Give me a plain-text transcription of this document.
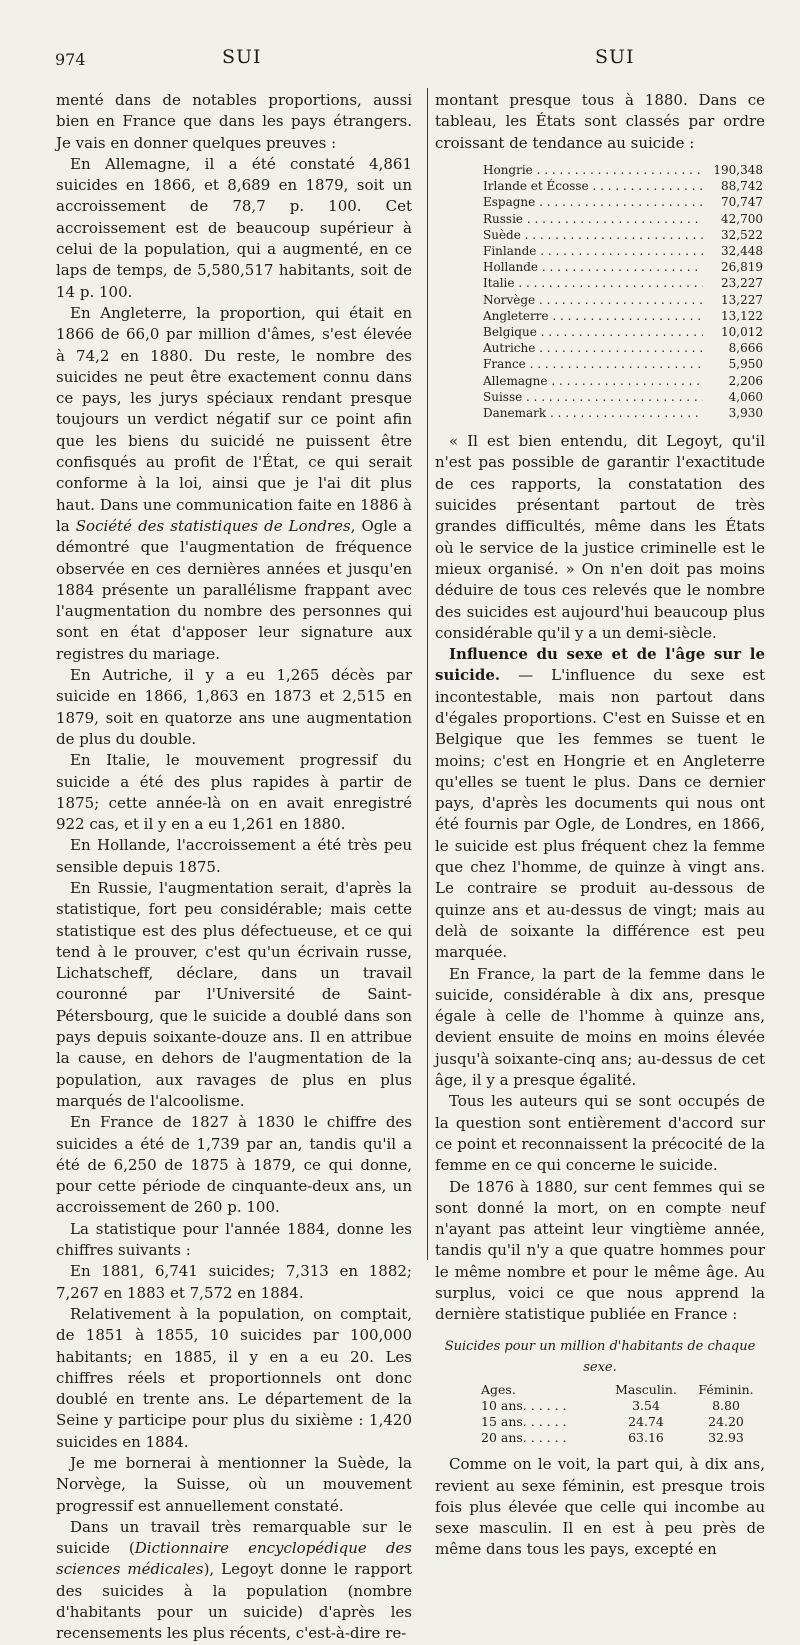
974	SUI	SUI

menté dans de notables proportions, aussi bien en France que dans les pays étrangers. Je vais en donner quelques preuves :

En Allemagne, il a été constaté 4,861 suicides en 1866, et 8,689 en 1879, soit un accroissement de 78,7 p. 100. Cet accroissement est de beaucoup supérieur à celui de la population, qui a augmenté, en ce laps de temps, de 5,580,517 habitants, soit de 14 p. 100.

En Angleterre, la proportion, qui était en 1866 de 66,0 par million d'âmes, s'est élevée à 74,2 en 1880. Du reste, le nombre des suicides ne peut être exactement connu dans ce pays, les jurys spéciaux rendant presque toujours un verdict négatif sur ce point afin que les biens du suicidé ne puissent être confisqués au profit de l'État, ce qui serait conforme à la loi, ainsi que je l'ai dit plus haut. Dans une communication faite en 1886 à la Société des statistiques de Londres, Ogle a démontré que l'augmentation de fréquence observée en ces dernières années et jusqu'en 1884 présente un parallélisme frappant avec l'augmentation du nombre des personnes qui sont en état d'apposer leur signature aux registres du mariage.

En Autriche, il y a eu 1,265 décès par suicide en 1866, 1,863 en 1873 et 2,515 en 1879, soit en quatorze ans une augmentation de plus du double.

En Italie, le mouvement progressif du suicide a été des plus rapides à partir de 1875; cette année-là on en avait enregistré 922 cas, et il y en a eu 1,261 en 1880.

En Hollande, l'accroissement a été très peu sensible depuis 1875.

En Russie, l'augmentation serait, d'après la statistique, fort peu considérable; mais cette statistique est des plus défectueuse, et ce qui tend à le prouver, c'est qu'un écrivain russe, Lichatscheff, déclare, dans un travail couronné par l'Université de Saint-Pétersbourg, que le suicide a doublé dans son pays depuis soixante-douze ans. Il en attribue la cause, en dehors de l'augmentation de la population, aux ravages de plus en plus marqués de l'alcoolisme.

En France de 1827 à 1830 le chiffre des suicides a été de 1,739 par an, tandis qu'il a été de 6,250 de 1875 à 1879, ce qui donne, pour cette période de cinquante-deux ans, un accroissement de 260 p. 100.

La statistique pour l'année 1884, donne les chiffres suivants :

En 1881, 6,741 suicides; 7,313 en 1882; 7,267 en 1883 et 7,572 en 1884.

Relativement à la population, on comptait, de 1851 à 1855, 10 suicides par 100,000 habitants; en 1885, il y en a eu 20. Les chiffres réels et proportionnels ont donc doublé en trente ans. Le département de la Seine y participe pour plus du sixième : 1,420 suicides en 1884.

Je me bornerai à mentionner la Suède, la Norvège, la Suisse, où un mouvement progressif est annuellement constaté.

Dans un travail très remarquable sur le suicide (Dictionnaire encyclopédique des sciences médicales), Legoyt donne le rapport des suicides à la population (nombre d'habitants pour un suicide) d'après les recensements les plus récents, c'est-à-dire re-

montant presque tous à 1880. Dans ce tableau, les États sont classés par ordre croissant de tendance au suicide :

Hongrie . . .	190,348
Irlande et Écosse . . .	88,742
Espagne . . .	70,747
Russie . . .	42,700
Suède . . .	32,522
Finlande . . .	32,448
Hollande . . .	26,819
Italie . . .	23,227
Norvège . . .	13,227
Angleterre . . .	13,122
Belgique . . .	10,012
Autriche . . .	8,666
France . . .	5,950
Allemagne . . .	2,206
Suisse . . .	4,060
Danemark . . .	3,930

« Il est bien entendu, dit Legoyt, qu'il n'est pas possible de garantir l'exactitude de ces rapports, la constatation des suicides présentant partout de très grandes difficultés, même dans les États où le service de la justice criminelle est le mieux organisé. » On n'en doit pas moins déduire de tous ces relevés que le nombre des suicides est aujourd'hui beaucoup plus considérable qu'il y a un demi-siècle.

Influence du sexe et de l'âge sur le suicide. — L'influence du sexe est incontestable, mais non partout dans d'égales proportions. C'est en Suisse et en Belgique que les femmes se tuent le moins; c'est en Hongrie et en Angleterre qu'elles se tuent le plus. Dans ce dernier pays, d'après les documents qui nous ont été fournis par Ogle, de Londres, en 1866, le suicide est plus fréquent chez la femme que chez l'homme, de quinze à vingt ans. Le contraire se produit au-dessous de quinze ans et au-dessus de vingt; mais au delà de soixante la différence est peu marquée.

En France, la part de la femme dans le suicide, considérable à dix ans, presque égale à celle de l'homme à quinze ans, devient ensuite de moins en moins élevée jusqu'à soixante-cinq ans; au-dessus de cet âge, il y a presque égalité.

Tous les auteurs qui se sont occupés de la question sont entièrement d'accord sur ce point et reconnaissent la précocité de la femme en ce qui concerne le suicide.

De 1876 à 1880, sur cent femmes qui se sont donné la mort, on en compte neuf n'ayant pas atteint leur vingtième année, tandis qu'il n'y a que quatre hommes pour le même nombre et pour le même âge. Au surplus, voici ce que nous apprend la dernière statistique publiée en France :

Suicides pour un million d'habitants de chaque sexe.
Ages.	Masculin.	Féminin.
10 ans. . . . . .	3.54	8.80
15 ans. . . . . .	24.74	24.20
20 ans. . . . . .	63.16	32.93

Comme on le voit, la part qui, à dix ans, revient au sexe féminin, est presque trois fois plus élevée que celle qui incombe au sexe masculin. Il en est à peu près de même dans tous les pays, excepté en
